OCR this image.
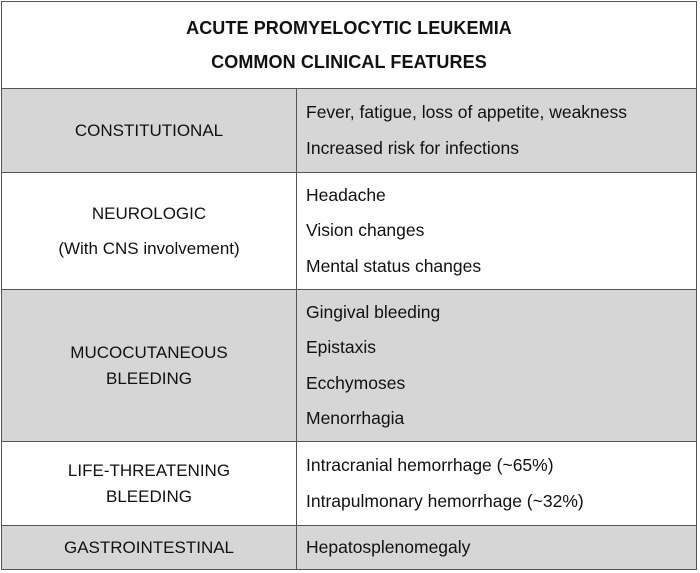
ACUTE PROMYELOCYTIC LEUKEMIA
COMMON CLINICAL FEATURES
CONSTITUTIONAL
Fever, fatigue, loss of appetite, weakness
Increased risk for infections
NEUROLOGIC
(With CNS involvement)
Headache
Vision changes
Mental status changes
MUCOCUTANEOUS
BLEEDING
Gingival bleeding
Epistaxis
Ecchymoses
Menorrhagia
LIFE-THREATENING
BLEEDING
Intracranial hemorrhage (~65%)
Intrapulmonary hemorrhage (~32%)
GASTROINTESTINAL	Hepatosplenomegaly
